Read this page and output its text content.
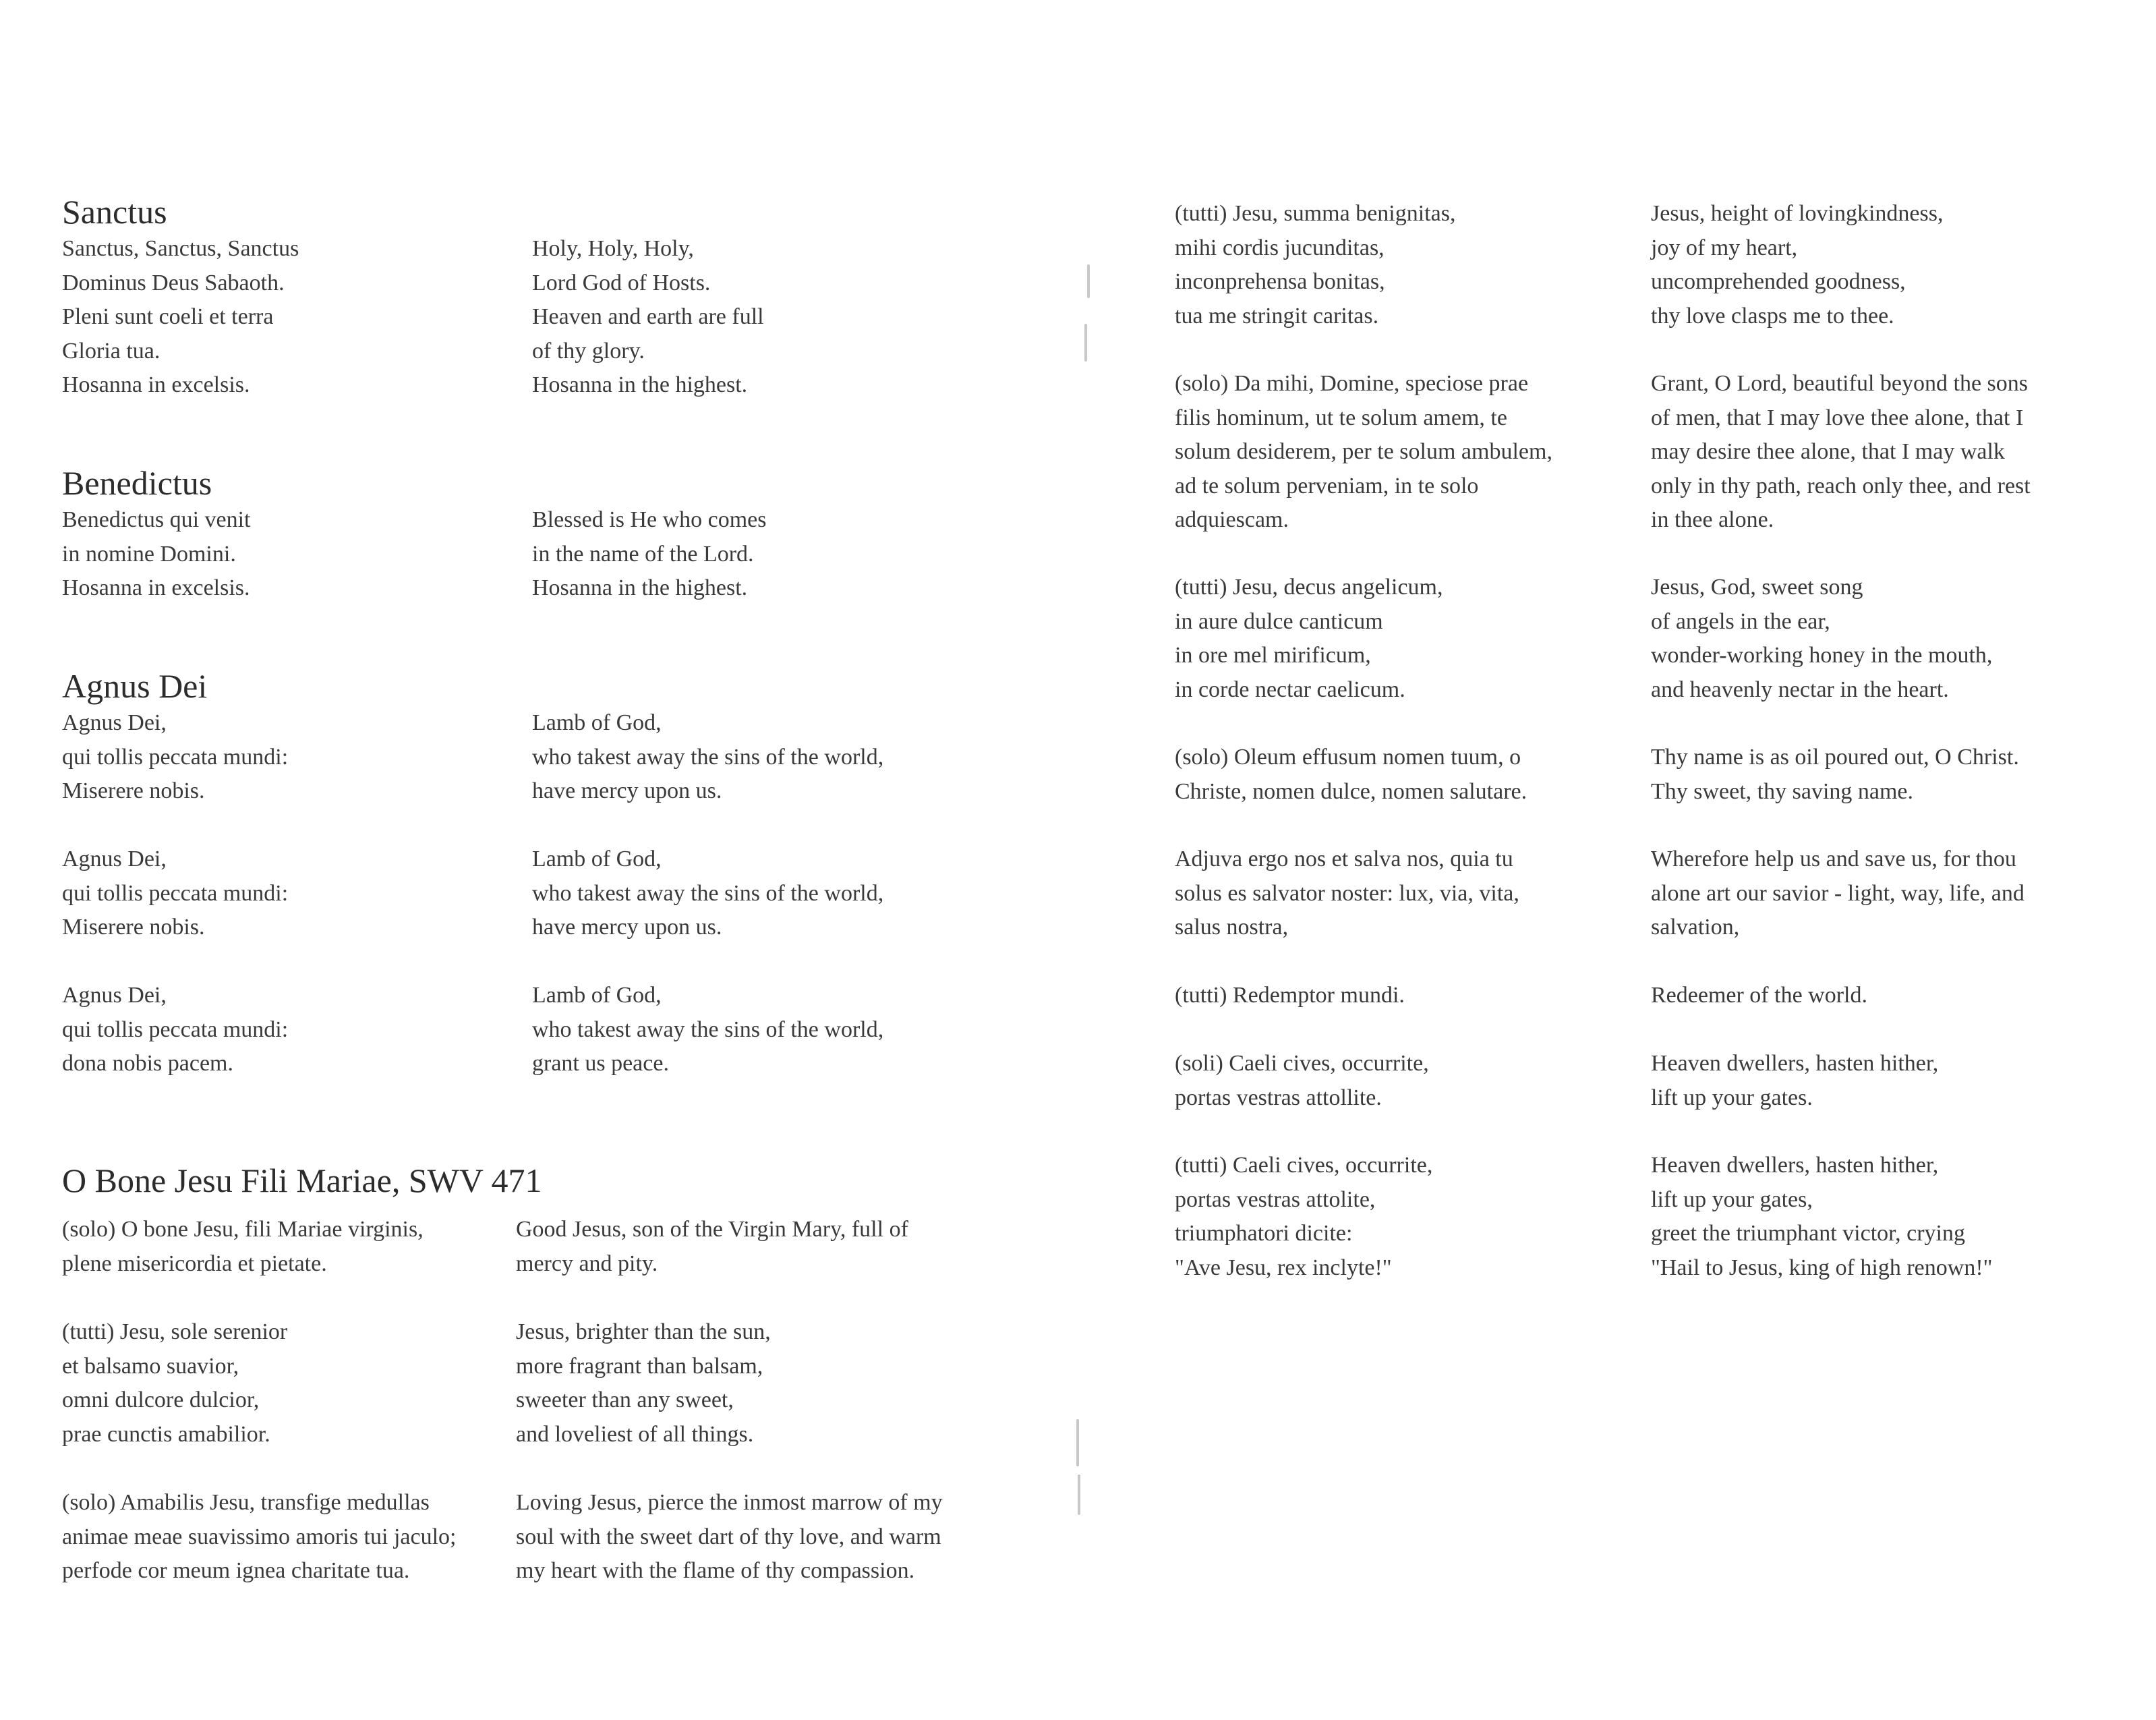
Sanctus
Sanctus, Sanctus, Sanctus
Dominus Deus Sabaoth.
Pleni sunt coeli et terra
Gloria tua.
Hosanna in excelsis.
Holy, Holy, Holy,
Lord God of Hosts.
Heaven and earth are full
of thy glory.
Hosanna in the highest.
Benedictus
Benedictus qui venit
in nomine Domini.
Hosanna in excelsis.
Blessed is He who comes
in the name of the Lord.
Hosanna in the highest.
Agnus Dei
Agnus Dei,
qui tollis peccata mundi:
Miserere nobis.
Lamb of God,
who takest away the sins of the world,
have mercy upon us.
Agnus Dei,
qui tollis peccata mundi:
Miserere nobis.
Lamb of God,
who takest away the sins of the world,
have mercy upon us.
Agnus Dei,
qui tollis peccata mundi:
dona nobis pacem.
Lamb of God,
who takest away the sins of the world,
grant us peace.
O Bone Jesu Fili Mariae, SWV 471
(solo) O bone Jesu, fili Mariae virginis,
plene misericordia et pietate.
Good Jesus, son of the Virgin Mary, full of
mercy and pity.
(tutti) Jesu, sole serenior
et balsamo suavior,
omni dulcore dulcior,
prae cunctis amabilior.
Jesus, brighter than the sun,
more fragrant than balsam,
sweeter than any sweet,
and loveliest of all things.
(solo) Amabilis Jesu, transfige medullas
animae meae suavissimo amoris tui jaculo;
perfode cor meum ignea charitate tua.
Loving Jesus, pierce the inmost marrow of my
soul with the sweet dart of thy love, and warm
my heart with the flame of thy compassion.
(tutti) Jesu, summa benignitas,
mihi cordis jucunditas,
inconprehensa bonitas,
tua me stringit caritas.
Jesus, height of lovingkindness,
joy of my heart,
uncomprehended goodness,
thy love clasps me to thee.
(solo) Da mihi, Domine, speciose prae
filis hominum, ut te solum amem, te
solum desiderem, per te solum ambulem,
ad te solum perveniam, in te solo
adquiescam.
Grant, O Lord, beautiful beyond the sons
of men, that I may love thee alone, that I
may desire thee alone, that I may walk
only in thy path, reach only thee, and rest
in thee alone.
(tutti) Jesu, decus angelicum,
in aure dulce canticum
in ore mel mirificum,
in corde nectar caelicum.
Jesus, God, sweet song
of angels in the ear,
wonder-working honey in the mouth,
and heavenly nectar in the heart.
(solo) Oleum effusum nomen tuum, o
Christe, nomen dulce, nomen salutare.
Thy name is as oil poured out, O Christ.
Thy sweet, thy saving name.
Adjuva ergo nos et salva nos, quia tu
solus es salvator noster: lux, via, vita,
salus nostra,
Wherefore help us and save us, for thou
alone art our savior - light, way, life, and
salvation,
(tutti) Redemptor mundi.	Redeemer of the world.
(soli) Caeli cives, occurrite,
portas vestras attollite.
Heaven dwellers, hasten hither,
lift up your gates.
(tutti) Caeli cives, occurrite,
portas vestras attolite,
triumphatori dicite:
"Ave Jesu, rex inclyte!"
Heaven dwellers, hasten hither,
lift up your gates,
greet the triumphant victor, crying
"Hail to Jesus, king of high renown!"
